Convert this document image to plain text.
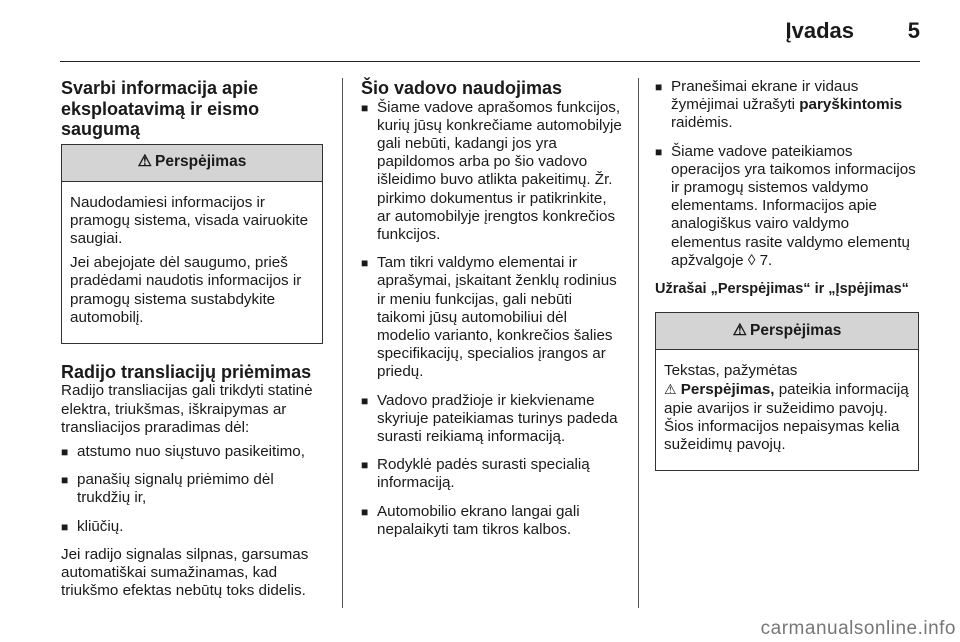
Įvadas 5
Svarbi informacija apie eksploatavimą ir eismo saugumą
⚠ Perspėjimas

Naudodamiesi informacijos ir pramogų sistema, visada vairuokite saugiai.

Jei abejojate dėl saugumo, prieš pradėdami naudotis informacijos ir pramogų sistema sustabdykite automobilį.

Radijo transliacijų priėmimas

Radijo transliacijas gali trikdyti statinė elektra, triukšmas, iškraipymas ar transliacijos praradimas dėl:

■ atstumo nuo siųstuvo pasikeitimo,
■ panašių signalų priėmimo dėl trukdžių ir,
■ kliūčių.

Jei radijo signalas silpnas, garsumas automatiškai sumažinamas, kad triukšmo efektas nebūtų toks didelis.

Šio vadovo naudojimas
■ Šiame vadove aprašomos funkcijos, kurių jūsų konkrečiame automobilyje gali nebūti, kadangi jos yra papildomos arba po šio vadovo išleidimo buvo atlikta pakeitimų. Žr. pirkimo dokumentus ir patikrinkite, ar automobilyje įrengtos konkrečios funkcijos.
■ Tam tikri valdymo elementai ir aprašymai, įskaitant ženklų rodinius ir meniu funkcijas, gali nebūti taikomi jūsų automobiliui dėl modelio varianto, konkrečios šalies specifikacijų, specialios įrangos ar priedų.
■ Vadovo pradžioje ir kiekviename skyriuje pateikiamas turinys padeda surasti reikiamą informaciją.
■ Rodyklė padės surasti specialią informaciją.
■ Automobilio ekrano langai gali nepalaikyti tam tikros kalbos.
■ Pranešimai ekrane ir vidaus žymėjimai užrašyti paryškintomis raidėmis.
■ Šiame vadove pateikiamos operacijos yra taikomos informacijos ir pramogų sistemos valdymo elementams. Informacijos apie analogiškus vairo valdymo elementus rasite valdymo elementų apžvalgoje ◊ 7.
Užrašai „Perspėjimas“ ir „Įspėjimas“
⚠ Perspėjimas

Tekstas, pažymėtas
⚠ Perspėjimas, pateikia informaciją apie avarijos ir sužeidimo pavojų. Šios informacijos nepaisymas kelia sužeidimų pavojų.

carmanualsonline.info
